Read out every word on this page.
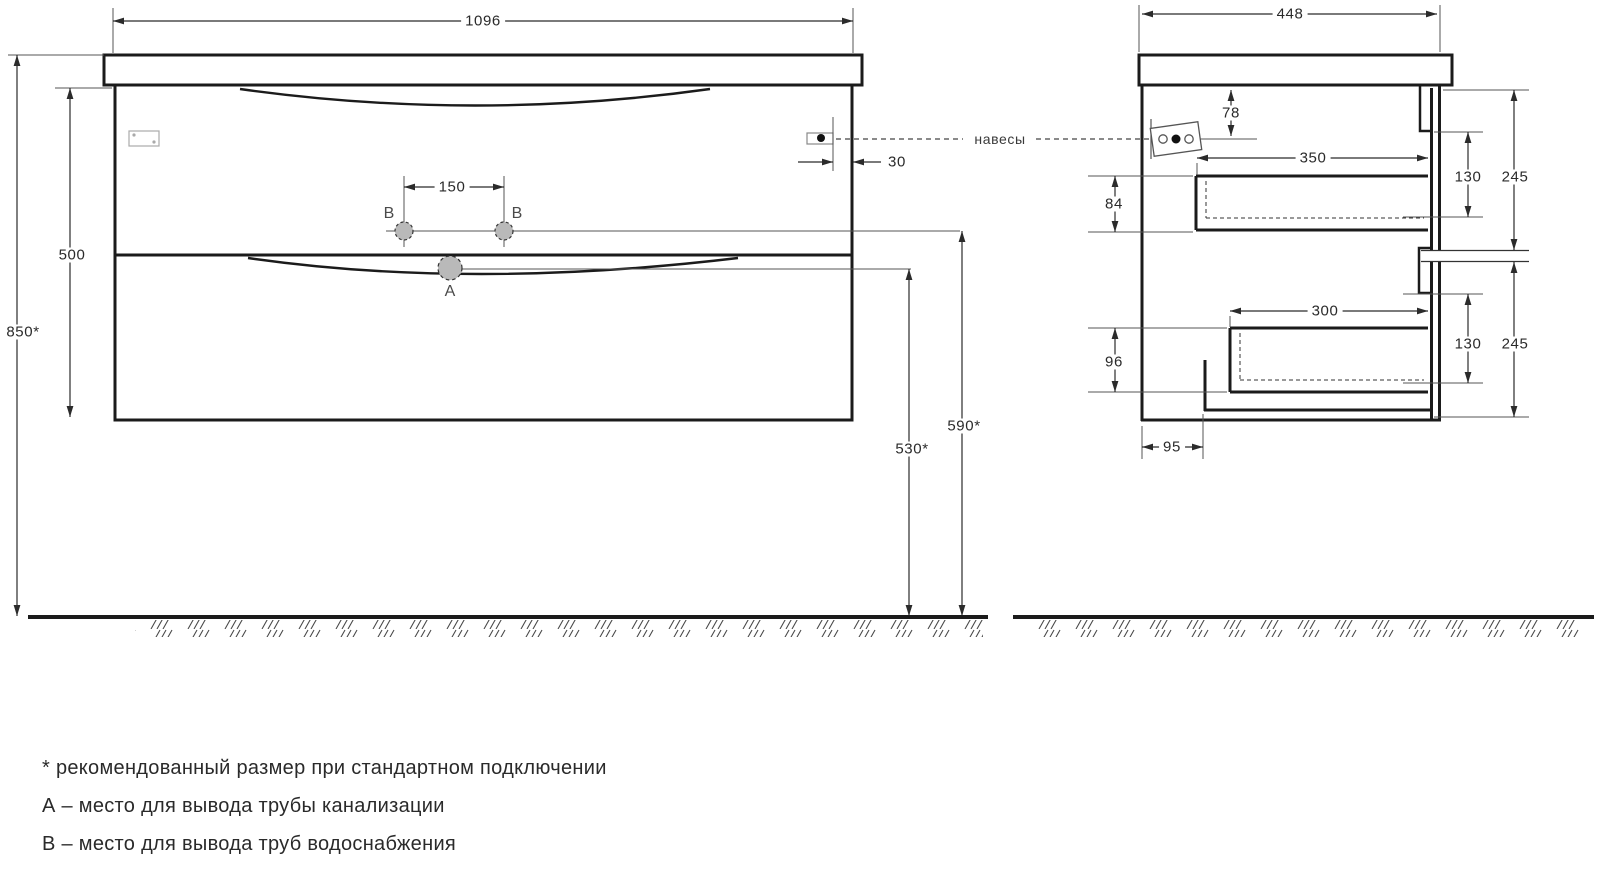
1096
850*
500
150
30
530*
590*
448
78
350
84
130 245
300
96
130 245
95
навесы
B	B
A
* рекомендованный размер при стандартном подключении
А – место для вывода трубы канализации
В – место для вывода труб водоснабжения
